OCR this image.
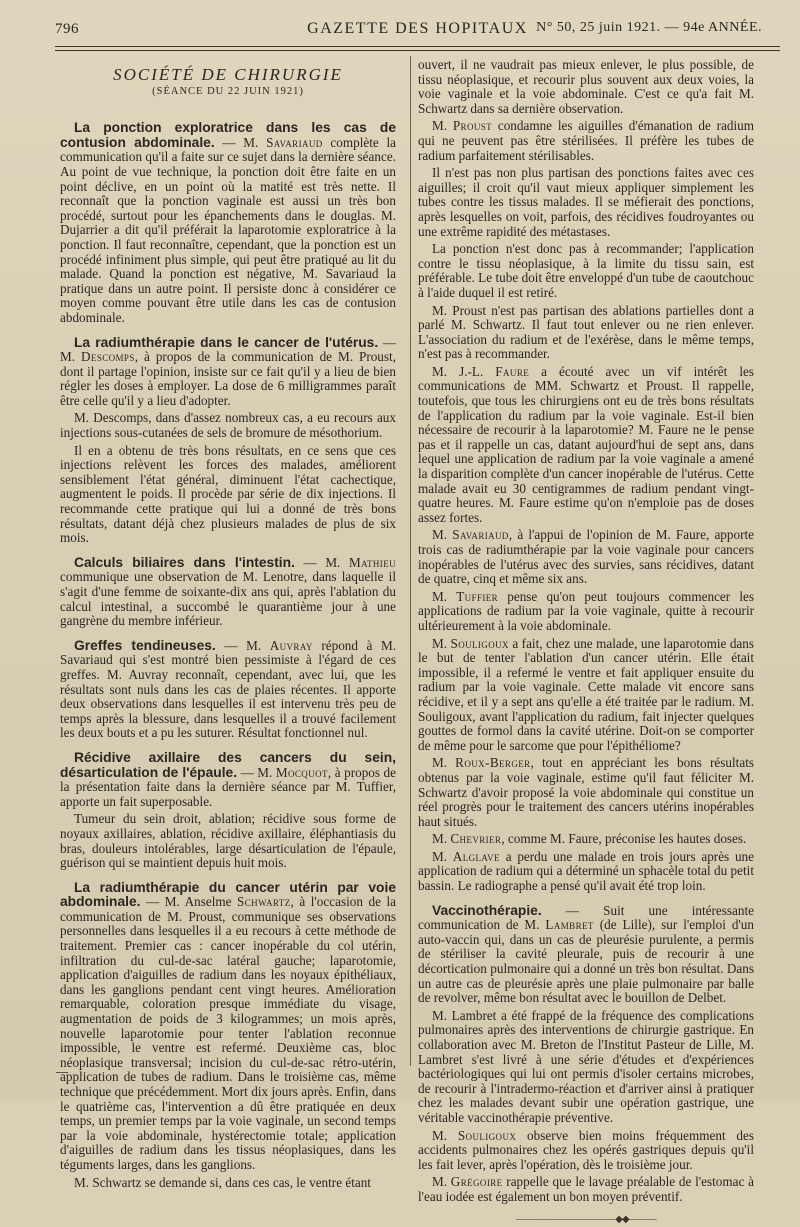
796	GAZETTE DES HOPITAUX N° 50, 25 juin 1921. — 94e ANNÉE.
SOCIÉTÉ DE CHIRURGIE
(SÉANCE DU 22 JUIN 1921)

La ponction exploratrice dans les cas de contusion abdominale. — M. Savariaud complète la communication qu'il a faite sur ce sujet dans la dernière séance. Au point de vue technique, la ponction doit être faite en un point déclive, en un point où la matité est très nette. Il reconnaît que la ponction vaginale est aussi un très bon procédé, surtout pour les épanchements dans le douglas. M. Dujarrier a dit qu'il préférait la laparotomie exploratrice à la ponction. Il faut reconnaître, cependant, que la ponction est un procédé infiniment plus simple, qui peut être pratiqué au lit du malade. Quand la ponction est négative, M. Savariaud la pratique dans un autre point. Il persiste donc à considérer ce moyen comme pouvant être utile dans les cas de contusion abdominale.

La radiumthérapie dans le cancer de l'utérus. — M. Descomps, à propos de la communication de M. Proust, dont il partage l'opinion, insiste sur ce fait qu'il y a lieu de bien régler les doses à employer. La dose de 6 milligrammes paraît être celle qu'il y a lieu d'adopter.

M. Descomps, dans d'assez nombreux cas, a eu recours aux injections sous-cutanées de sels de bromure de mésothorium.

Il en a obtenu de très bons résultats, en ce sens que ces injections relèvent les forces des malades, améliorent sensiblement l'état général, diminuent l'état cachectique, augmentent le poids. Il procède par série de dix injections. Il recommande cette pratique qui lui a donné de très bons résultats, datant déjà chez plusieurs malades de plus de six mois.

Calculs biliaires dans l'intestin. — M. Mathieu communique une observation de M. Lenotre, dans laquelle il s'agit d'une femme de soixante-dix ans qui, après l'ablation du calcul intestinal, a succombé le quarantième jour à une gangrène du membre inférieur.

Greffes tendineuses. — M. Auvray répond à M. Savariaud qui s'est montré bien pessimiste à l'égard de ces greffes. M. Auvray reconnaît, cependant, avec lui, que les résultats sont nuls dans les cas de plaies récentes. Il apporte deux observations dans lesquelles il est intervenu très peu de temps après la blessure, dans lesquelles il a trouvé facilement les deux bouts et a pu les suturer. Résultat fonctionnel nul.

Récidive axillaire des cancers du sein, désarticulation de l'épaule. — M. Mocquot, à propos de la présentation faite dans la dernière séance par M. Tuffier, apporte un fait superposable.

Tumeur du sein droit, ablation; récidive sous forme de noyaux axillaires, ablation, récidive axillaire, éléphantiasis du bras, douleurs intolérables, large désarticulation de l'épaule, guérison qui se maintient depuis huit mois.

La radiumthérapie du cancer utérin par voie abdominale. — M. Anselme Schwartz, à l'occasion de la communication de M. Proust, communique ses observations personnelles dans lesquelles il a eu recours à cette méthode de traitement. Premier cas : cancer inopérable du col utérin, infiltration du cul-de-sac latéral gauche; laparotomie, application d'aiguilles de radium dans les noyaux épithéliaux, dans les ganglions pendant cent vingt heures. Amélioration remarquable, coloration presque immédiate du visage, augmentation de poids de 3 kilogrammes; un mois après, nouvelle laparotomie pour tenter l'ablation reconnue impossible, le ventre est refermé. Deuxième cas, bloc néoplasique transversal; incision du cul-de-sac rétro-utérin, application de tubes de radium. Dans le troisième cas, même technique que précédemment. Mort dix jours après. Enfin, dans le quatrième cas, l'intervention a dû être pratiquée en deux temps, un premier temps par la voie vaginale, un second temps par la voie abdominale, hystérectomie totale; application d'aiguilles de radium dans les tissus néoplasiques, dans les téguments larges, dans les ganglions.

M. Schwartz se demande si, dans ces cas, le ventre étant

ouvert, il ne vaudrait pas mieux enlever, le plus possible, de tissu néoplasique, et recourir plus souvent aux deux voies, la voie vaginale et la voie abdominale. C'est ce qu'a fait M. Schwartz dans sa dernière observation.

M. Proust condamne les aiguilles d'émanation de radium qui ne peuvent pas être stérilisées. Il préfère les tubes de radium parfaitement stérilisables.

Il n'est pas non plus partisan des ponctions faites avec ces aiguilles; il croit qu'il vaut mieux appliquer simplement les tubes contre les tissus malades. Il se méfierait des ponctions, après lesquelles on voit, parfois, des récidives foudroyantes ou une extrême rapidité des métastases.

La ponction n'est donc pas à recommander; l'application contre le tissu néoplasique, à la limite du tissu sain, est préférable. Le tube doit être enveloppé d'un tube de caoutchouc à l'aide duquel il est retiré.

M. Proust n'est pas partisan des ablations partielles dont a parlé M. Schwartz. Il faut tout enlever ou ne rien enlever. L'association du radium et de l'exérèse, dans le même temps, n'est pas à recommander.

M. J.-L. Faure a écouté avec un vif intérêt les communications de MM. Schwartz et Proust. Il rappelle, toutefois, que tous les chirurgiens ont eu de très bons résultats de l'application du radium par la voie vaginale. Est-il bien nécessaire de recourir à la laparotomie? M. Faure ne le pense pas et il rappelle un cas, datant aujourd'hui de sept ans, dans lequel une application de radium par la voie vaginale a amené la disparition complète d'un cancer inopérable de l'utérus. Cette malade avait eu 30 centigrammes de radium pendant vingt-quatre heures. M. Faure estime qu'on n'emploie pas de doses assez fortes.

M. Savariaud, à l'appui de l'opinion de M. Faure, apporte trois cas de radiumthérapie par la voie vaginale pour cancers inopérables de l'utérus avec des survies, sans récidives, datant de quatre, cinq et même six ans.

M. Tuffier pense qu'on peut toujours commencer les applications de radium par la voie vaginale, quitte à recourir ultérieurement à la voie abdominale.

M. Souligoux a fait, chez une malade, une laparotomie dans le but de tenter l'ablation d'un cancer utérin. Elle était impossible, il a refermé le ventre et fait appliquer ensuite du radium par la voie vaginale. Cette malade vit encore sans récidive, et il y a sept ans qu'elle a été traitée par le radium. M. Souligoux, avant l'application du radium, fait injecter quelques gouttes de formol dans la cavité utérine. Doit-on se comporter de même pour le sarcome que pour l'épithéliome?

M. Roux-Berger, tout en appréciant les bons résultats obtenus par la voie vaginale, estime qu'il faut féliciter M. Schwartz d'avoir proposé la voie abdominale qui constitue un réel progrès pour le traitement des cancers utérins inopérables haut situés.

M. Chevrier, comme M. Faure, préconise les hautes doses.

M. Alglave a perdu une malade en trois jours après une application de radium qui a déterminé un sphacèle total du petit bassin. Le radiographe a pensé qu'il avait été trop loin.

Vaccinothérapie. — Suit une intéressante communication de M. Lambret (de Lille), sur l'emploi d'un auto-vaccin qui, dans un cas de pleurésie purulente, a permis de stériliser la cavité pleurale, puis de recourir à une décortication pulmonaire qui a donné un très bon résultat. Dans un autre cas de pleurésie après une plaie pulmonaire par balle de revolver, même bon résultat avec le bouillon de Delbet.

M. Lambret a été frappé de la fréquence des complications pulmonaires après des interventions de chirurgie gastrique. En collaboration avec M. Breton de l'Institut Pasteur de Lille, M. Lambret s'est livré à une série d'études et d'expériences bactériologiques qui lui ont permis d'isoler certains microbes, de recourir à l'intradermo-réaction et d'arriver ainsi à pratiquer chez les malades devant subir une opération gastrique, une véritable vaccinothérapie préventive.

M. Souligoux observe bien moins fréquemment des accidents pulmonaires chez les opérés gastriques depuis qu'il les fait lever, après l'opération, dès le troisième jour.

M. Grégoire rappelle que le lavage préalable de l'estomac à l'eau iodée est également un bon moyen préventif.

———————————◆◆———
